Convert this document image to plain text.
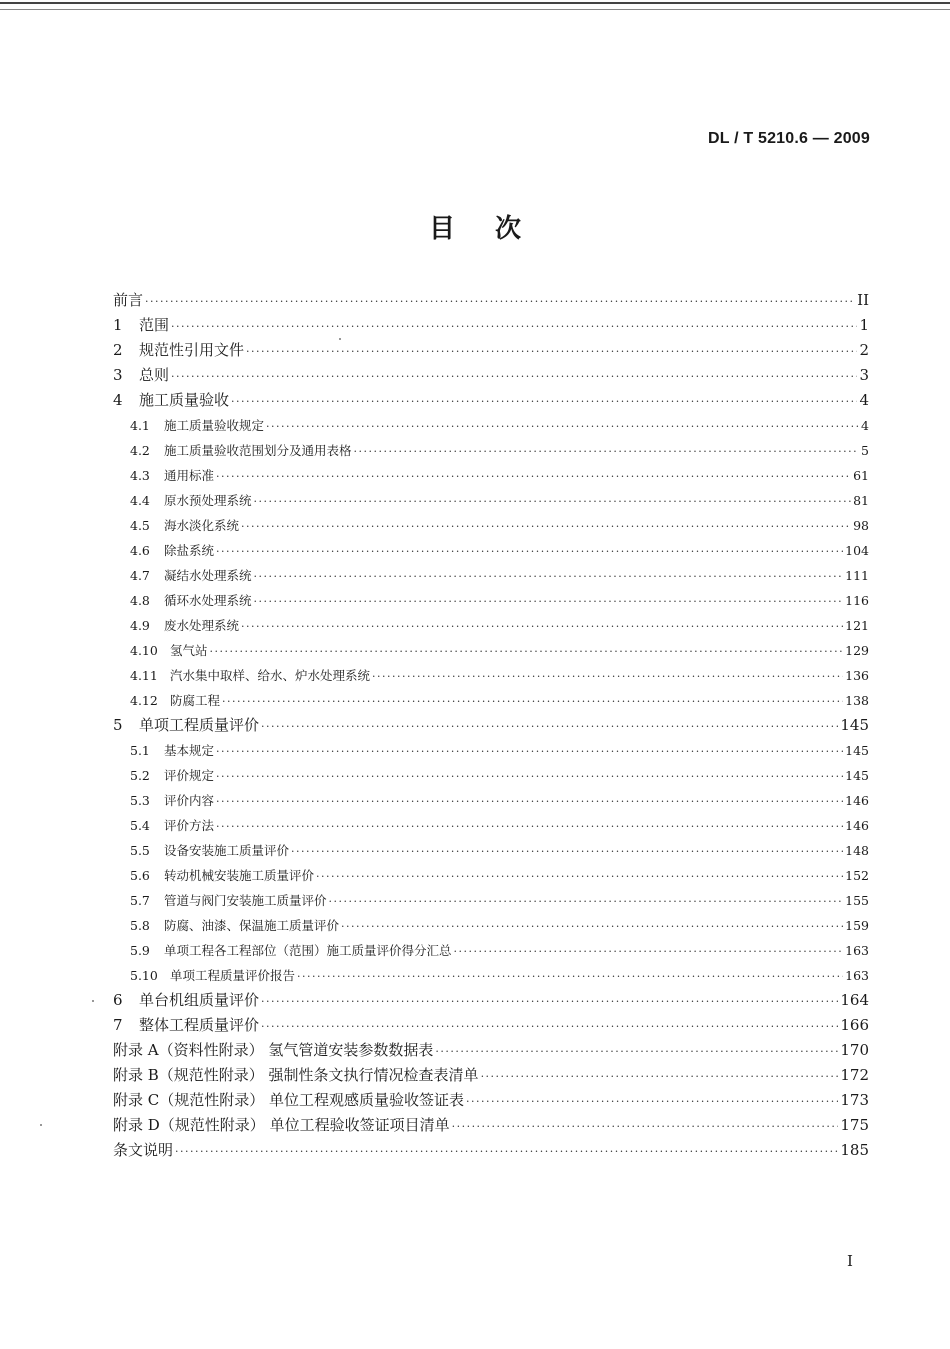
DL / T 5210.6 — 2009
目 次
前言 ·····	II
1	范围 ·····	1
2	规范性引用文件 ·····	2
3	总则 ·····	3
4	施工质量验收 ·····	4
4.1	施工质量验收规定 ·····	4
4.2	施工质量验收范围划分及通用表格 ·····	5
4.3	通用标准 ·····	61
4.4	原水预处理系统 ·····	81
4.5	海水淡化系统 ·····	98
4.6	除盐系统 ·····	104
4.7	凝结水处理系统 ·····	111
4.8	循环水处理系统 ·····	116
4.9	废水处理系统 ·····	121
4.10 氢气站 ·····	129
4.11 汽水集中取样、给水、炉水处理系统 ·····	136
4.12 防腐工程 ·····	138
5	单项工程质量评价 ·····	145
5.1	基本规定 ·····	145
5.2	评价规定 ·····	145
5.3	评价内容 ·····	146
5.4	评价方法 ·····	146
5.5	设备安装施工质量评价 ·····	148
5.6	转动机械安装施工质量评价 ·····	152
5.7	管道与阀门安装施工质量评价 ·····	155
5.8	防腐、油漆、保温施工质量评价 ·····	159
5.9	单项工程各工程部位（范围）施工质量评价得分汇总 ·····	163
5.10 单项工程质量评价报告 ·····	163
6	单台机组质量评价 ·····	164
7	整体工程质量评价 ·····	166
附录 A（资料性附录） 氢气管道安装参数数据表 ·····	170
附录 B（规范性附录） 强制性条文执行情况检查表清单 ·····	172
附录 C（规范性附录） 单位工程观感质量验收签证表 ·····	173
附录 D（规范性附录） 单位工程验收签证项目清单 ·····	175
条文说明 ·····	185
I
